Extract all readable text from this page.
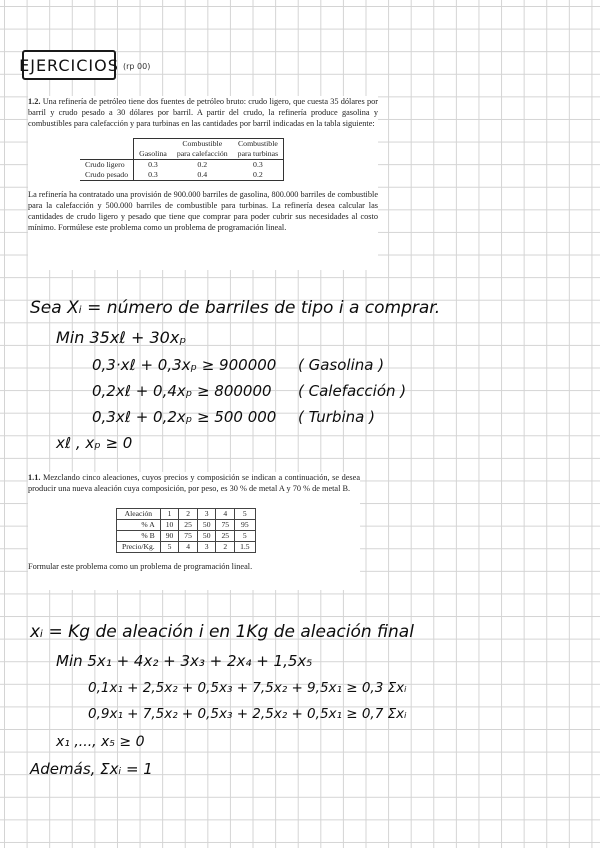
EJERCICIOS (rp 00)

1.2. Una refinería de petróleo tiene dos fuentes de petróleo bruto: crudo ligero, que cuesta 35 dólares por barril y crudo pesado a 30 dólares por barril. A partir del crudo, la refinería produce gasolina y combustibles para calefacción y para turbinas en las cantidades por barril indicadas en la tabla siguiente:

		Combustible	Combustible
	Gasolina	para calefacción	para turbinas
Crudo ligero	0.3	0.2	0.3
Crudo pesado	0.3	0.4	0.2

La refinería ha contratado una provisión de 900.000 barriles de gasolina, 800.000 barriles de combustible para la calefacción y 500.000 barriles de combustible para turbinas. La refinería desea calcular las cantidades de crudo ligero y pesado que tiene que comprar para poder cubrir sus necesidades al costo mínimo. Formúlese este problema como un problema de programación lineal.

Sea Xᵢ = número de barriles de tipo i a comprar.
Min 35xℓ + 30xₚ
0,3·xℓ + 0,3xₚ ≥ 900000 ( Gasolina )
0,2xℓ + 0,4xₚ ≥ 800000 ( Calefacción )
0,3xℓ + 0,2xₚ ≥ 500 000 ( Turbina )
xℓ , xₚ ≥ 0

1.1. Mezclando cinco aleaciones, cuyos precios y composición se indican a continuación, se desea producir una nueva aleación cuya composición, por peso, es 30 % de metal A y 70 % de metal B.

Aleación	1	2	3	4	5
% A	10	25	50	75	95
% B	90	75	50	25	5
Precio/Kg.	5	4	3	2	1.5

Formular este problema como un problema de programación lineal.

xᵢ = Kg de aleación i en 1Kg de aleación final
Min 5x₁ + 4x₂ + 3x₃ + 2x₄ + 1,5x₅
0,1x₁ + 2,5x₂ + 0,5x₃ + 7,5x₂ + 9,5x₁ ≥ 0,3 Σxᵢ
0,9x₁ + 7,5x₂ + 0,5x₃ + 2,5x₂ + 0,5x₁ ≥ 0,7 Σxᵢ
x₁ ,..., x₅ ≥ 0
Además, Σxᵢ = 1
